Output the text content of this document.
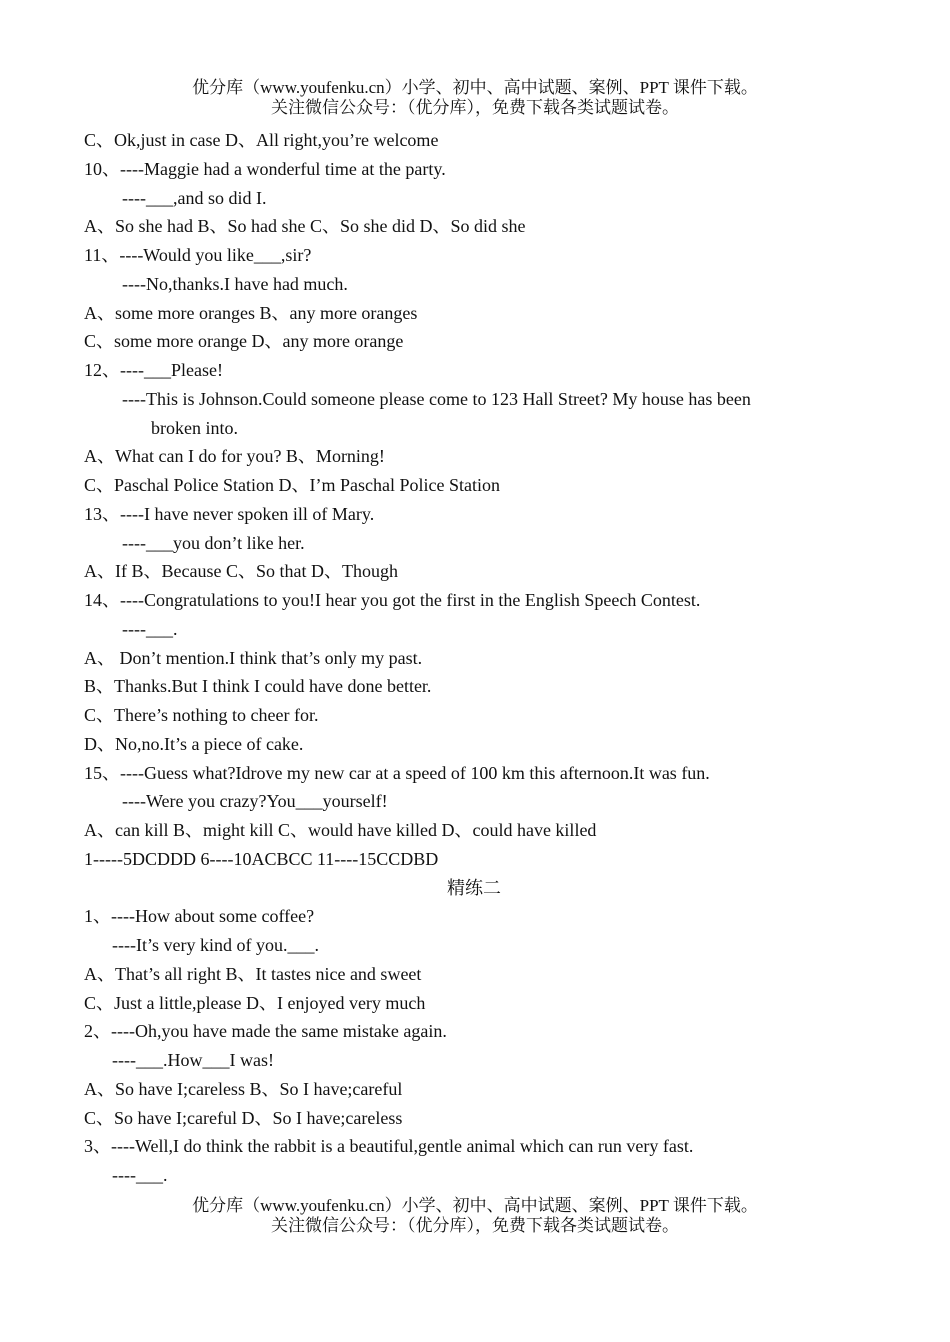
优分库（www.youfenku.cn）小学、初中、高中试题、案例、PPT 课件下载。
关注微信公众号：（优分库），免费下载各类试题试卷。
C、Ok,just in case D、All right,you’re welcome
10、----Maggie had a wonderful time at the party.
----___,and so did I.
A、So she had B、So had she C、So she did D、So did she
11、----Would you like___,sir?
----No,thanks.I have had much.
A、some more oranges B、any more oranges
C、some more orange D、any more orange
12、----___Please!
----This is Johnson.Could someone please come to 123 Hall Street? My house has been
broken into.
A、What can I do for you? B、Morning!
C、Paschal Police Station D、I’m Paschal Police Station
13、----I have never spoken ill of Mary.
----___you don’t like her.
A、If B、Because C、So that D、Though
14、----Congratulations to you!I hear you got the first in the English Speech Contest.
----___.
A、 Don’t mention.I think that’s only my past.
B、Thanks.But I think I could have done better.
C、There’s nothing to cheer for.
D、No,no.It’s a piece of cake.
15、----Guess what?Idrove my new car at a speed of 100 km this afternoon.It was fun.
----Were you crazy?You___yourself!
A、can kill B、might kill C、would have killed D、could have killed
1-----5DCDDD 6----10ACBCC 11----15CCDBD
精练二
1、----How about some coffee?
----It’s very kind of you.___.
A、That’s all right B、It tastes nice and sweet
C、Just a little,please D、I enjoyed very much
2、----Oh,you have made the same mistake again.
----___.How___I was!
A、So have I;careless B、So I have;careful
C、So have I;careful D、So I have;careless
3、----Well,I do think the rabbit is a beautiful,gentle animal which can run very fast.
----___.
优分库（www.youfenku.cn）小学、初中、高中试题、案例、PPT 课件下载。
关注微信公众号：（优分库），免费下载各类试题试卷。
